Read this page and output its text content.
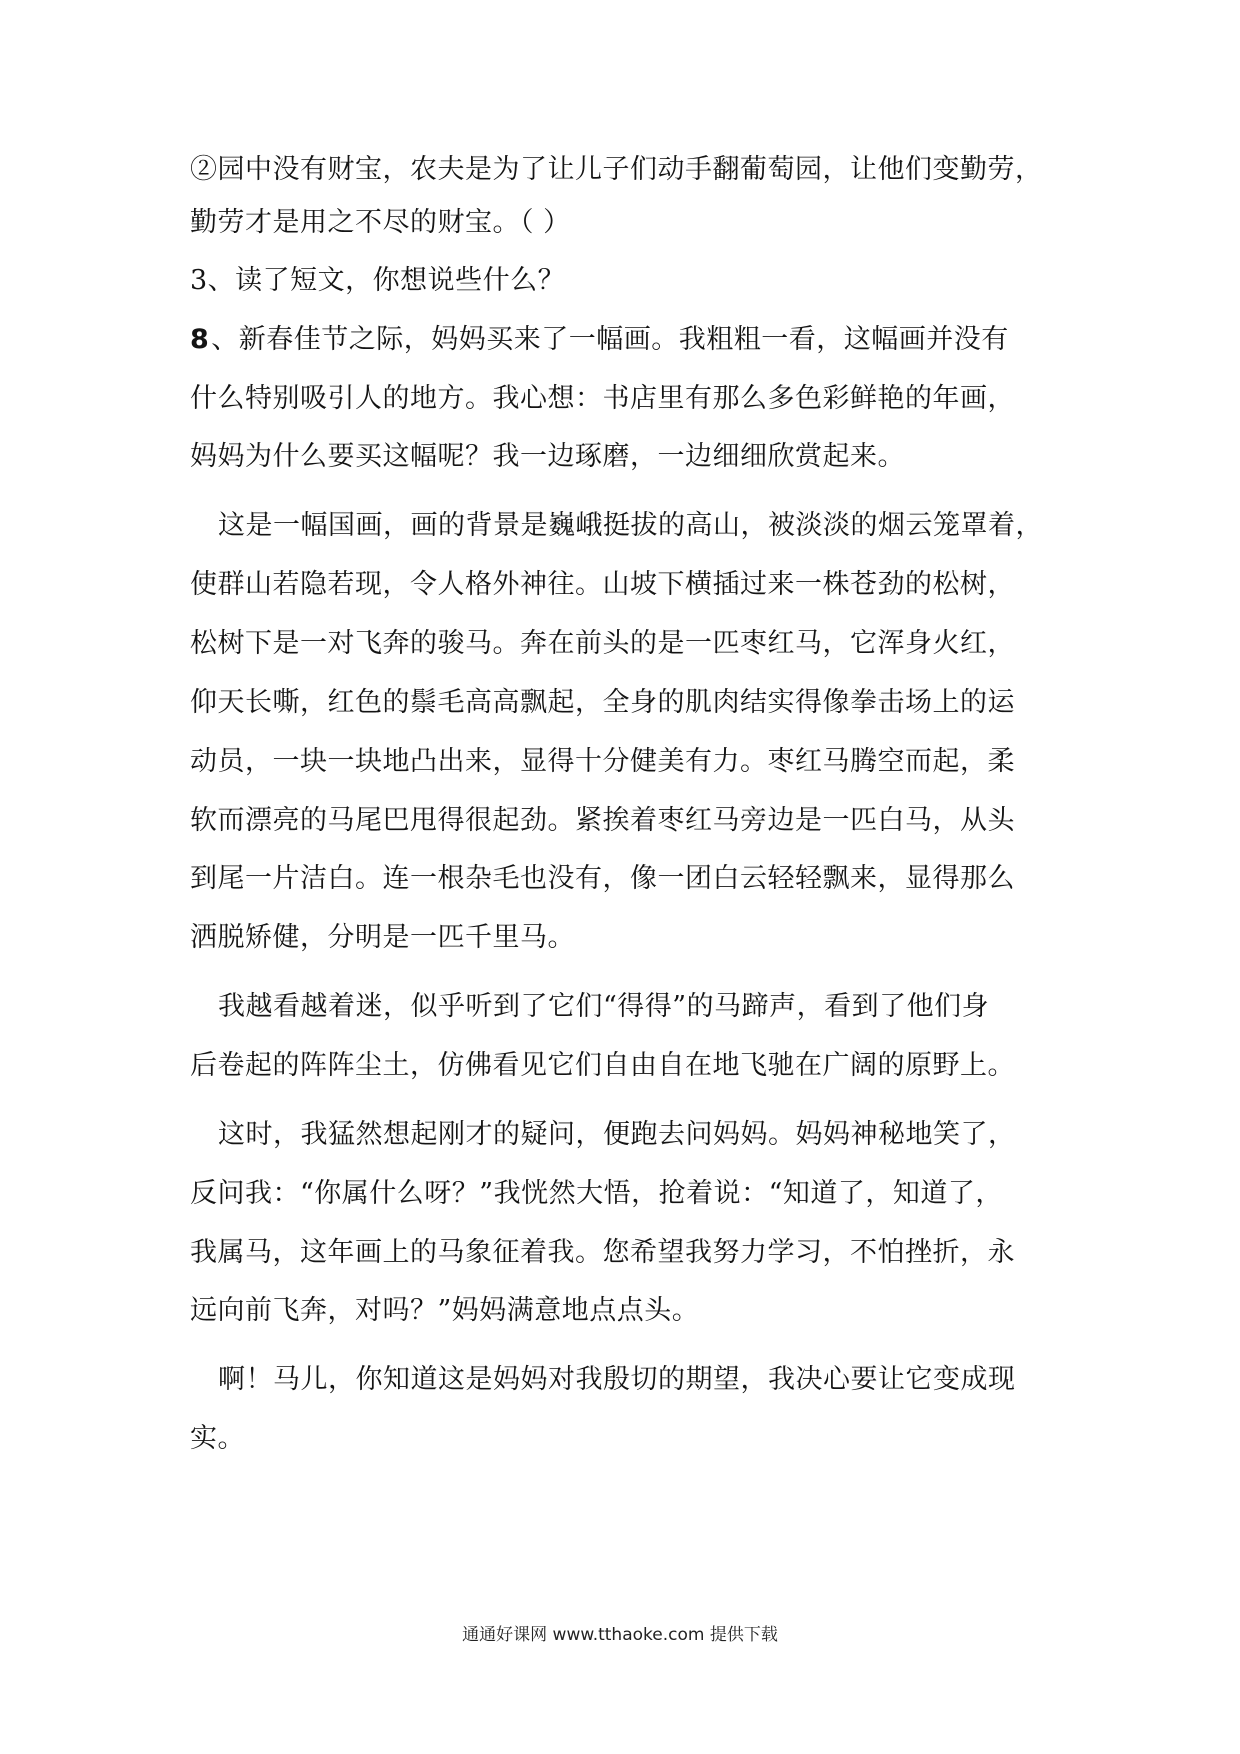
②园中没有财宝，农夫是为了让儿子们动手翻葡萄园，让他们变勤劳，
勤劳才是用之不尽的财宝。（ ）
3、读了短文，你想说些什么？
8、新春佳节之际，妈妈买来了一幅画。我粗粗一看，这幅画并没有
什么特别吸引人的地方。我心想：书店里有那么多色彩鲜艳的年画，
妈妈为什么要买这幅呢？我一边琢磨，一边细细欣赏起来。
这是一幅国画，画的背景是巍峨挺拔的高山，被淡淡的烟云笼罩着，
使群山若隐若现，令人格外神往。山坡下横插过来一株苍劲的松树，
松树下是一对飞奔的骏马。奔在前头的是一匹枣红马，它浑身火红，
仰天长嘶，红色的鬃毛高高飘起，全身的肌肉结实得像拳击场上的运
动员，一块一块地凸出来，显得十分健美有力。枣红马腾空而起，柔
软而漂亮的马尾巴甩得很起劲。紧挨着枣红马旁边是一匹白马，从头
到尾一片洁白。连一根杂毛也没有，像一团白云轻轻飘来，显得那么
洒脱矫健，分明是一匹千里马。
我越看越着迷，似乎听到了它们“得得”的马蹄声，看到了他们身
后卷起的阵阵尘土，仿佛看见它们自由自在地飞驰在广阔的原野上。
这时，我猛然想起刚才的疑问，便跑去问妈妈。妈妈神秘地笑了，
反问我：“你属什么呀？”我恍然大悟，抢着说：“知道了，知道了，
我属马，这年画上的马象征着我。您希望我努力学习，不怕挫折，永
远向前飞奔，对吗？”妈妈满意地点点头。
啊！马儿，你知道这是妈妈对我殷切的期望，我决心要让它变成现
实。
通通好课网 www.tthaoke.com 提供下载
